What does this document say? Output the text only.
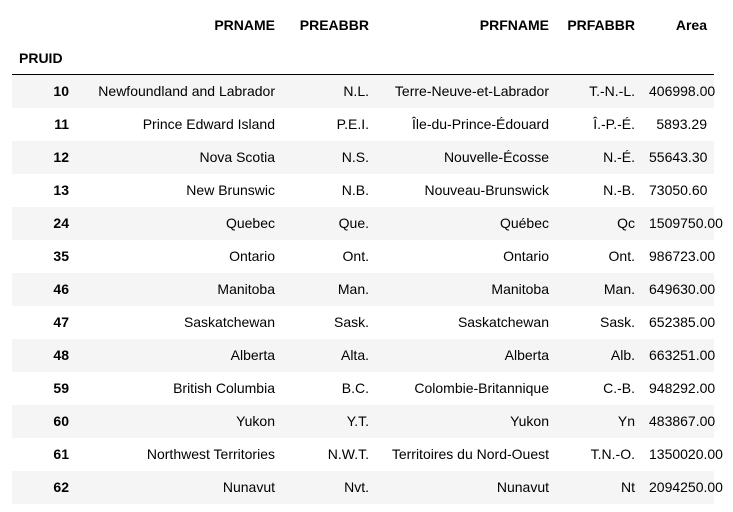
	PRNAME	PREABBR	PRFNAME	PRFABBR	Area
PRUID					
10	Newfoundland and Labrador	N.L.	Terre-Neuve-et-Labrador	T.-N.-L.	406998.00
11	Prince Edward Island	P.E.I.	Île-du-Prince-Édouard	Î.-P.-É.	5893.29
12	Nova Scotia	N.S.	Nouvelle-Écosse	N.-É.	55643.30
13	New Brunswic	N.B.	Nouveau-Brunswick	N.-B.	73050.60
24	Quebec	Que.	Québec	Qc	1509750.00
35	Ontario	Ont.	Ontario	Ont.	986723.00
46	Manitoba	Man.	Manitoba	Man.	649630.00
47	Saskatchewan	Sask.	Saskatchewan	Sask.	652385.00
48	Alberta	Alta.	Alberta	Alb.	663251.00
59	British Columbia	B.C.	Colombie-Britannique	C.-B.	948292.00
60	Yukon	Y.T.	Yukon	Yn	483867.00
61	Northwest Territories	N.W.T.	Territoires du Nord-Ouest	T.N.-O.	1350020.00
62	Nunavut	Nvt.	Nunavut	Nt	2094250.00
